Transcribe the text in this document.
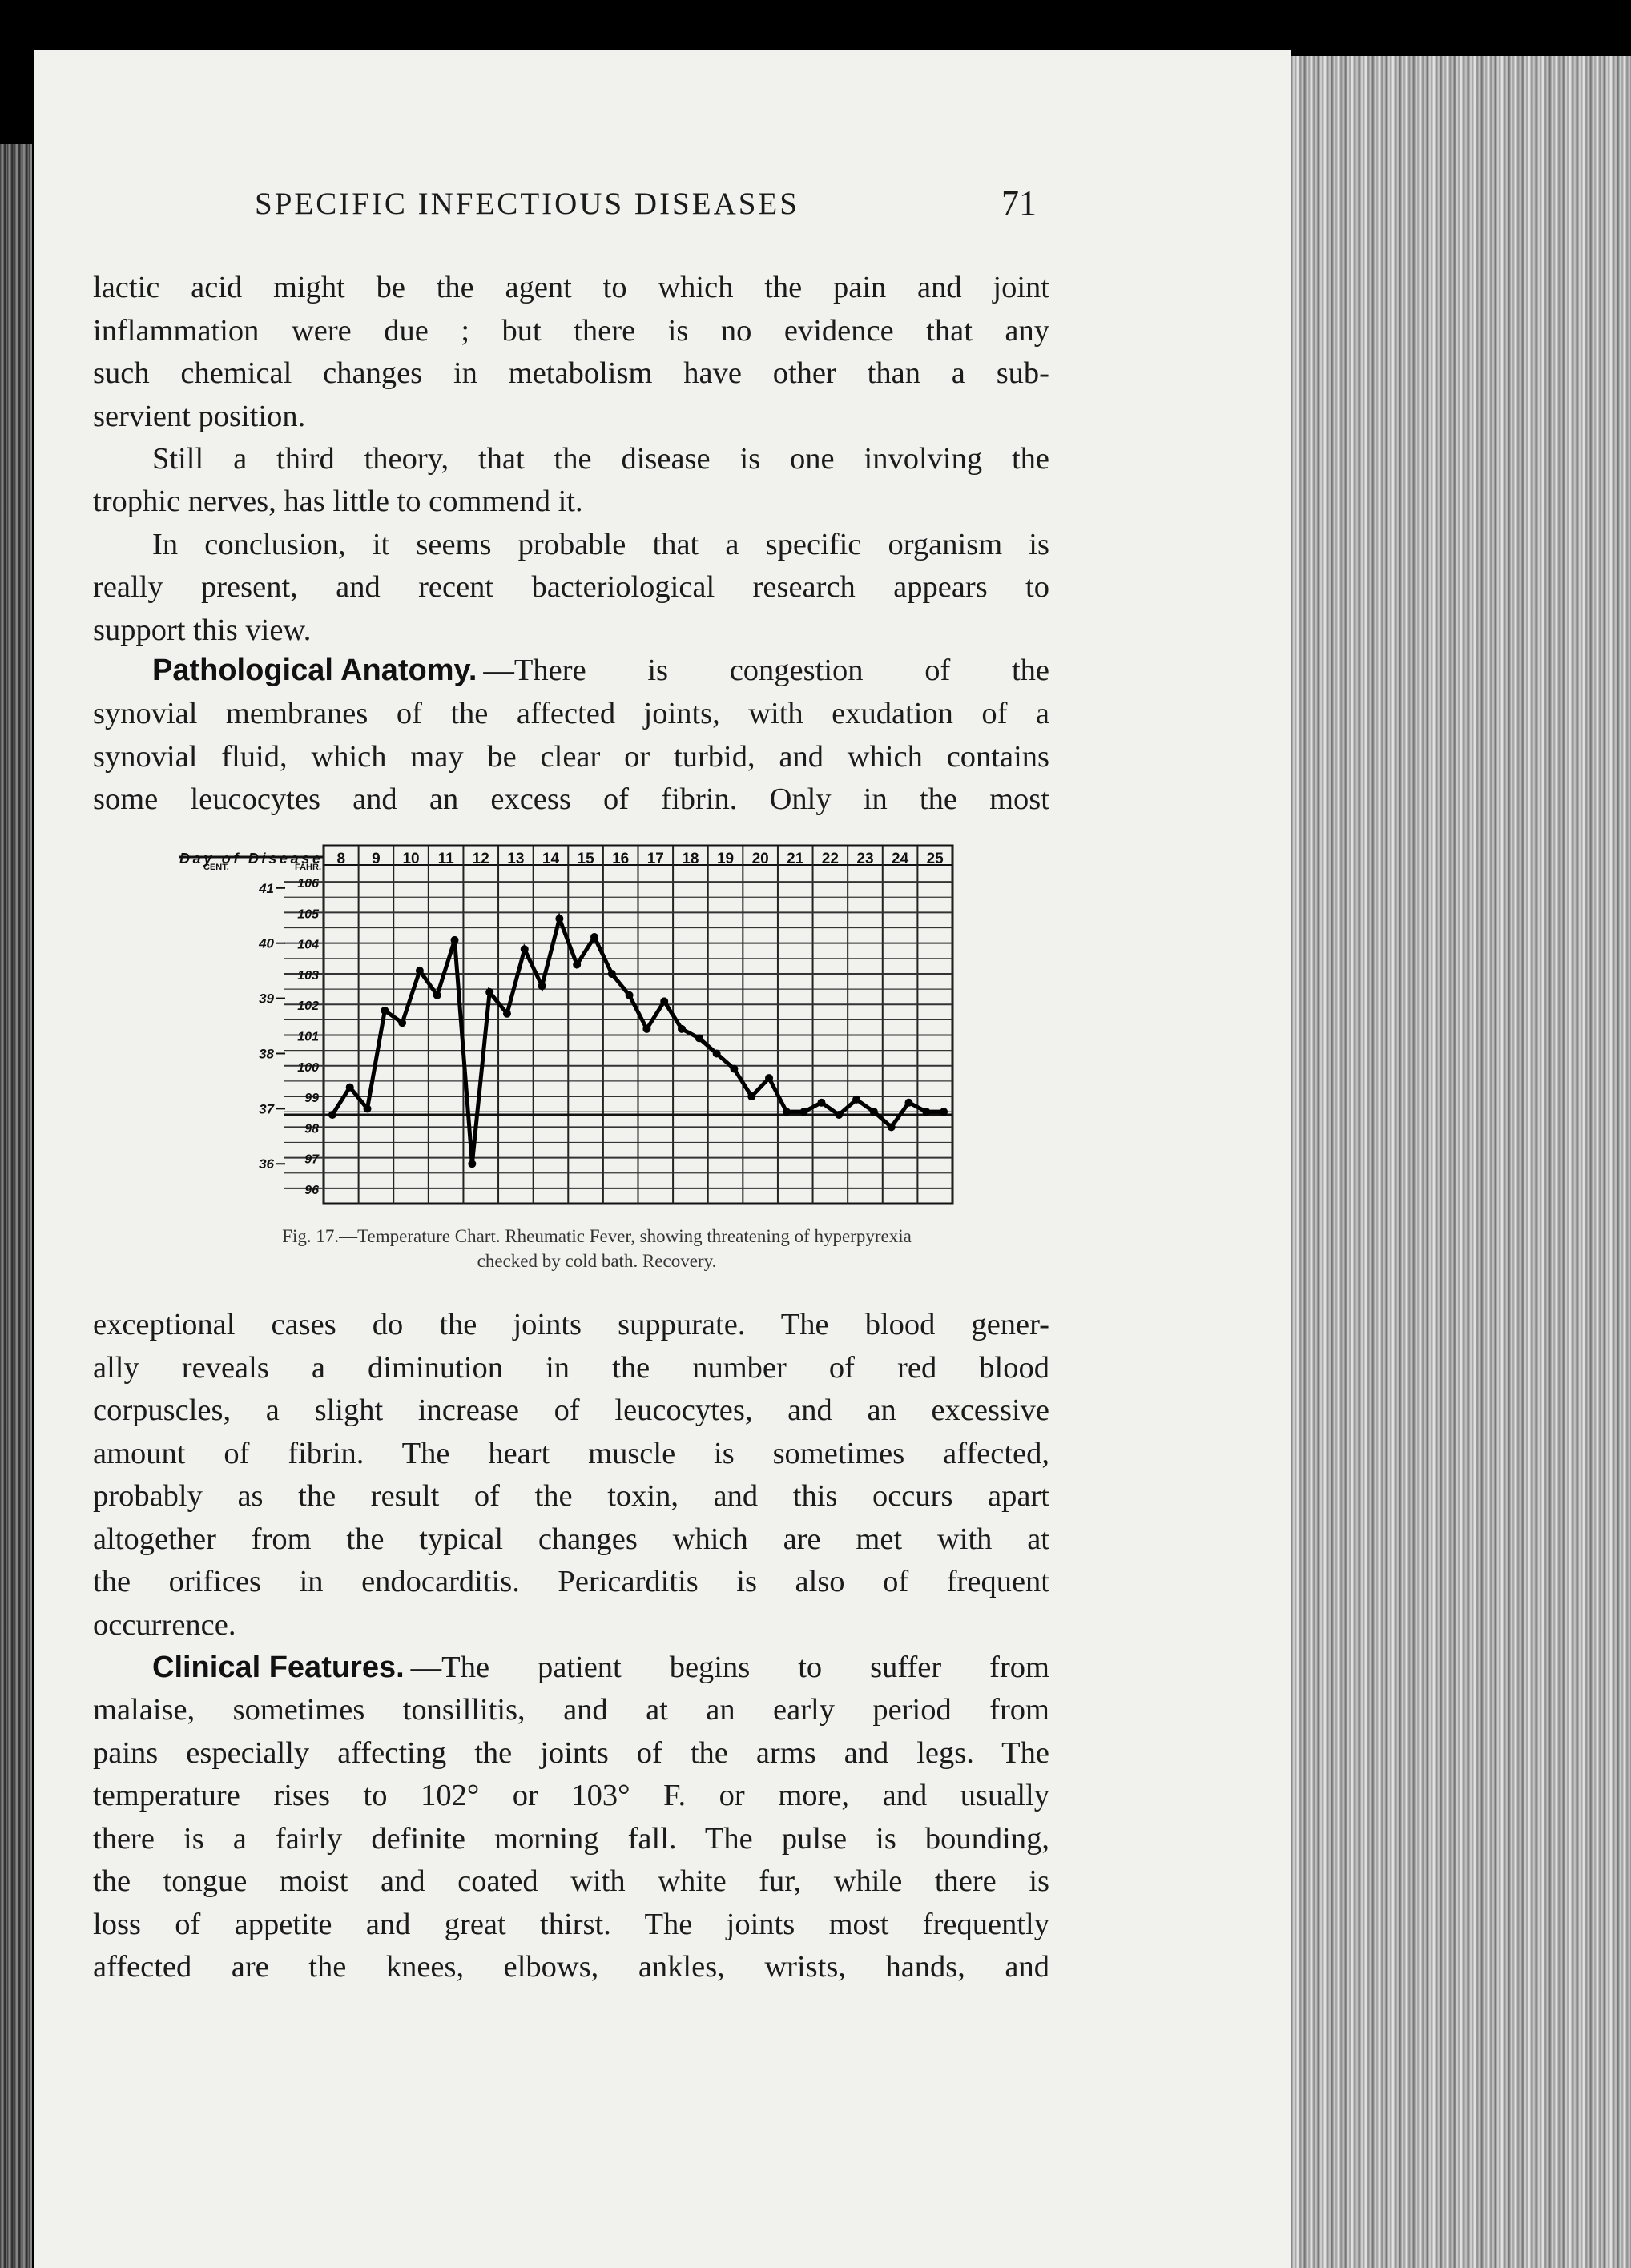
SPECIFIC INFECTIOUS DISEASES	71
lactic acid might be the agent to which the pain and joint
inflammation were due ; but there is no evidence that any
such chemical changes in metabolism have other than a sub-
servient position.
Still a third theory, that the disease is one involving the
trophic nerves, has little to commend it.
In conclusion, it seems probable that a specific organism is
really present, and recent bacteriological research appears to
support this view.
Pathological Anatomy. —There is congestion of the
synovial membranes of the affected joints, with exudation of a
synovial fluid, which may be clear or turbid, and which contains
some leucocytes and an excess of fibrin. Only in the most
8 9 10 11 12 13 14 15 16 17 18 19 20 21 22 23 24 25
Day of Disease
CENT.	FAHR.
106
105
104
103
102
101
100
99
98
97
96
41
40
39
38
37
36
Fig. 17.—Temperature Chart. Rheumatic Fever, showing threatening of hyperpyrexia
checked by cold bath. Recovery.
exceptional cases do the joints suppurate. The blood gener-
ally reveals a diminution in the number of red blood
corpuscles, a slight increase of leucocytes, and an excessive
amount of fibrin. The heart muscle is sometimes affected,
probably as the result of the toxin, and this occurs apart
altogether from the typical changes which are met with at
the orifices in endocarditis. Pericarditis is also of frequent
occurrence.
Clinical Features. —The patient begins to suffer from
malaise, sometimes tonsillitis, and at an early period from
pains especially affecting the joints of the arms and legs. The
temperature rises to 102° or 103° F. or more, and usually
there is a fairly definite morning fall. The pulse is bounding,
the tongue moist and coated with white fur, while there is
loss of appetite and great thirst. The joints most frequently
affected are the knees, elbows, ankles, wrists, hands, and
